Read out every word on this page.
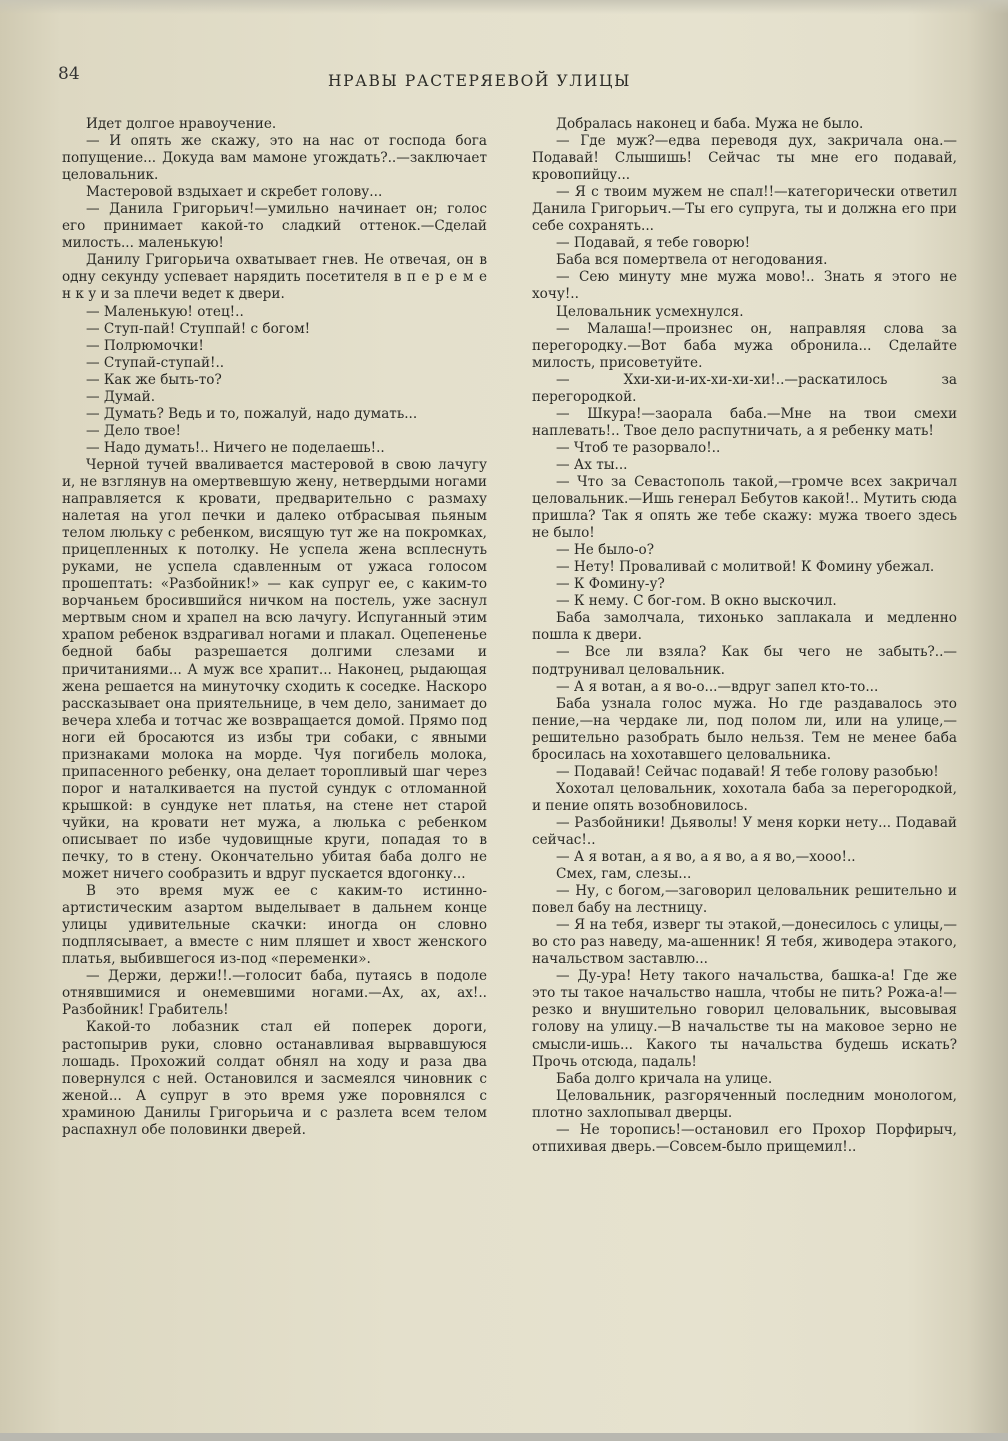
84	НРАВЫ РАСТЕРЯЕВОЙ УЛИЦЫ

Идет долгое нравоучение.

— И опять же скажу, это на нас от господа бога попущение... Докуда вам мамоне угождать?..—заключает целовальник.

Мастеровой вздыхает и скребет голову...

— Данила Григорьич!—умильно начинает он; голос его принимает какой-то сладкий оттенок.—Сделай милость... маленькую!

Данилу Григорьича охватывает гнев. Не отвечая, он в одну секунду успевает нарядить посетителя в п е р е м е н к у и за плечи ведет к двери.

— Маленькую! отец!..

— Ступ-пай! Ступпай! с богом!

— Полрюмочки!

— Ступай-ступай!..

— Как же быть-то?

— Думай.

— Думать? Ведь и то, пожалуй, надо думать...

— Дело твое!

— Надо думать!.. Ничего не поделаешь!..

Черной тучей вваливается мастеровой в свою лачугу и, не взглянув на омертвевшую жену, нетвердыми ногами направляется к кровати, предварительно с размаху налетая на угол печки и далеко отбрасывая пьяным телом люльку с ребенком, висящую тут же на покромках, прицепленных к потолку. Не успела жена всплеснуть руками, не успела сдавленным от ужаса голосом прошептать: «Разбойник!» — как супруг ее, с каким-то ворчаньем бросившийся ничком на постель, уже заснул мертвым сном и храпел на всю лачугу. Испуганный этим храпом ребенок вздрагивал ногами и плакал. Оцепененье бедной бабы разрешается долгими слезами и причитаниями... А муж все храпит... Наконец, рыдающая жена решается на минуточку сходить к соседке. Наскоро рассказывает она приятельнице, в чем дело, занимает до вечера хлеба и тотчас же возвращается домой. Прямо под ноги ей бросаются из избы три собаки, с явными признаками молока на морде. Чуя погибель молока, припасенного ребенку, она делает торопливый шаг через порог и наталкивается на пустой сундук с отломанной крышкой: в сундуке нет платья, на стене нет старой чуйки, на кровати нет мужа, а люлька с ребенком описывает по избе чудовищные круги, попадая то в печку, то в стену. Окончательно убитая баба долго не может ничего сообразить и вдруг пускается вдогонку...

В это время муж ее с каким-то истинно-артистическим азартом выделывает в дальнем конце улицы удивительные скачки: иногда он словно подплясывает, а вместе с ним пляшет и хвост женского платья, выбившегося из-под «переменки».

— Держи, держи!!.—голосит баба, путаясь в подоле отнявшимися и онемевшими ногами.—Ах, ах, ах!.. Разбойник! Грабитель!

Какой-то лобазник стал ей поперек дороги, растопырив руки, словно останавливая вырвавшуюся лошадь. Прохожий солдат обнял на ходу и раза два повернулся с ней. Остановился и засмеялся чиновник с женой... А супруг в это время уже поровнялся с храминою Данилы Григорьича и с разлета всем телом распахнул обе половинки дверей.

Добралась наконец и баба. Мужа не было.

— Где муж?—едва переводя дух, закричала она.—Подавай! Слышишь! Сейчас ты мне его подавай, кровопийцу...

— Я с твоим мужем не спал!!—категорически ответил Данила Григорьич.—Ты его супруга, ты и должна его при себе сохранять...

— Подавай, я тебе говорю!

Баба вся помертвела от негодования.

— Сею минуту мне мужа мово!.. Знать я этого не хочу!..

Целовальник усмехнулся.

— Малаша!—произнес он, направляя слова за перегородку.—Вот баба мужа обронила... Сделайте милость, присоветуйте.

— Ххи-хи-и-их-хи-хи-хи!..—раскатилось за перегородкой.

— Шкура!—заорала баба.—Мне на твои смехи наплевать!.. Твое дело распутничать, а я ребенку мать!

— Чтоб те разорвало!..

— Ах ты...

— Что за Севастополь такой,—громче всех закричал целовальник.—Ишь генерал Бебутов какой!.. Мутить сюда пришла? Так я опять же тебе скажу: мужа твоего здесь не было!

— Не было-о?

— Нету! Проваливай с молитвой! К Фомину убежал.

— К Фомину-у?

— К нему. С бог-гом. В окно выскочил.

Баба замолчала, тихонько заплакала и медленно пошла к двери.

— Все ли взяла? Как бы чего не забыть?..—подтрунивал целовальник.

— А я вотан, а я во-о...—вдруг запел кто-то...

Баба узнала голос мужа. Но где раздавалось это пение,—на чердаке ли, под полом ли, или на улице,—решительно разобрать было нельзя. Тем не менее баба бросилась на хохотавшего целовальника.

— Подавай! Сейчас подавай! Я тебе голову разобью!

Хохотал целовальник, хохотала баба за перегородкой, и пение опять возобновилось.

— Разбойники! Дьяволы! У меня корки нету... Подавай сейчас!..

— А я вотан, а я во, а я во, а я во,—хооо!..

Смех, гам, слезы...

— Ну, с богом,—заговорил целовальник решительно и повел бабу на лестницу.

— Я на тебя, изверг ты этакой,—донесилось с улицы,—во сто раз наведу, ма-ашенник! Я тебя, живодера этакого, начальством заставлю...

— Ду-ура! Нету такого начальства, башка-а! Где же это ты такое начальство нашла, чтобы не пить? Рожа-а!—резко и внушительно говорил целовальник, высовывая голову на улицу.—В начальстве ты на маковое зерно не смысли-ишь... Какого ты начальства будешь искать? Прочь отсюда, падаль!

Баба долго кричала на улице.

Целовальник, разгоряченный последним монологом, плотно захлопывал дверцы.

— Не торопись!—остановил его Прохор Порфирыч, отпихивая дверь.—Совсем-было прищемил!..
